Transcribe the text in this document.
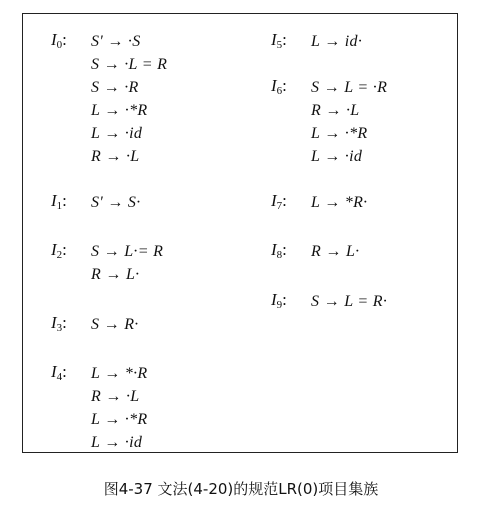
$I_0$:	S' → ·S
S → ·L = R
S → ·R
L → ·*R
L → ·id
R → ·L
$I_1$:	S' → S·
$I_2$:	S → L·= R
R → L·
$I_3$:	S → R·
$I_4$:	L → *·R
R → ·L
L → ·*R
L → ·id
$I_5$:	L → id·
$I_6$:	S → L = ·R
R → ·L
L → ·*R
L → ·id
$I_7$:	L → *R·
$I_8$:	R → L·
$I_9$:	S → L = R·
图4-37 文法(4-20)的规范LR(0)项目集族
